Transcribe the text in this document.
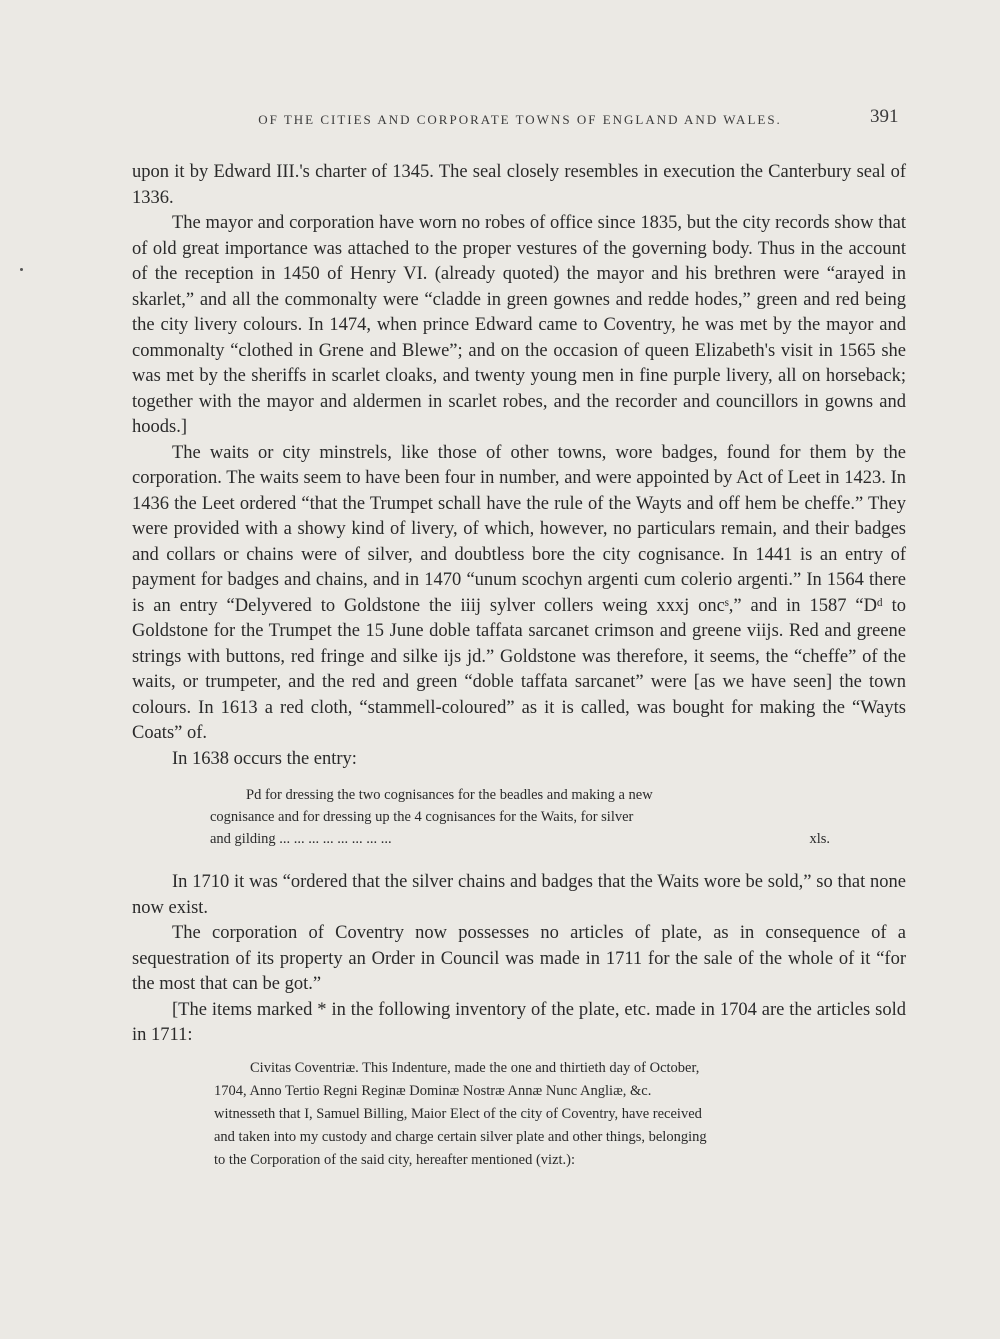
OF THE CITIES AND CORPORATE TOWNS OF ENGLAND AND WALES.	391

upon it by Edward III.'s charter of 1345. The seal closely resembles in execution the Canterbury seal of 1336.

The mayor and corporation have worn no robes of office since 1835, but the city records show that of old great importance was attached to the proper vestures of the governing body. Thus in the account of the reception in 1450 of Henry VI. (already quoted) the mayor and his brethren were “arayed in skarlet,” and all the commonalty were “cladde in green gownes and redde hodes,” green and red being the city livery colours. In 1474, when prince Edward came to Coventry, he was met by the mayor and commonalty “clothed in Grene and Blewe”; and on the occasion of queen Elizabeth's visit in 1565 she was met by the sheriffs in scarlet cloaks, and twenty young men in fine purple livery, all on horseback; together with the mayor and aldermen in scarlet robes, and the recorder and councillors in gowns and hoods.]

The waits or city minstrels, like those of other towns, wore badges, found for them by the corporation. The waits seem to have been four in number, and were appointed by Act of Leet in 1423. In 1436 the Leet ordered “that the Trumpet schall have the rule of the Wayts and off hem be cheffe.” They were provided with a showy kind of livery, of which, however, no particulars remain, and their badges and collars or chains were of silver, and doubtless bore the city cognisance. In 1441 is an entry of payment for badges and chains, and in 1470 “unum scochyn argenti cum colerio argenti.” In 1564 there is an entry “Delyvered to Goldstone the iiij sylver collers weing xxxj oncˢ,” and in 1587 “Dᵈ to Goldstone for the Trumpet the 15 June doble taffata sarcanet crimson and greene viijs. Red and greene strings with buttons, red fringe and silke ijs jd.” Goldstone was therefore, it seems, the “cheffe” of the waits, or trumpeter, and the red and green “doble taffata sarcanet” were [as we have seen] the town colours. In 1613 a red cloth, “stammell-coloured” as it is called, was bought for making the “Wayts Coats” of.

In 1638 occurs the entry:

Pd for dressing the two cognisances for the beadles and making a new
cognisance and for dressing up the 4 cognisances for the Waits, for silver
and gilding ... ... ... ... ... ... ... ...	xls.

In 1710 it was “ordered that the silver chains and badges that the Waits wore be sold,” so that none now exist.

The corporation of Coventry now possesses no articles of plate, as in consequence of a sequestration of its property an Order in Council was made in 1711 for the sale of the whole of it “for the most that can be got.”

[The items marked * in the following inventory of the plate, etc. made in 1704 are the articles sold in 1711:

Civitas Coventriæ. This Indenture, made the one and thirtieth day of October,
1704, Anno Tertio Regni Reginæ Dominæ Nostræ Annæ Nunc Angliæ, &c.
witnesseth that I, Samuel Billing, Maior Elect of the city of Coventry, have received
and taken into my custody and charge certain silver plate and other things, belonging
to the Corporation of the said city, hereafter mentioned (vizt.):
